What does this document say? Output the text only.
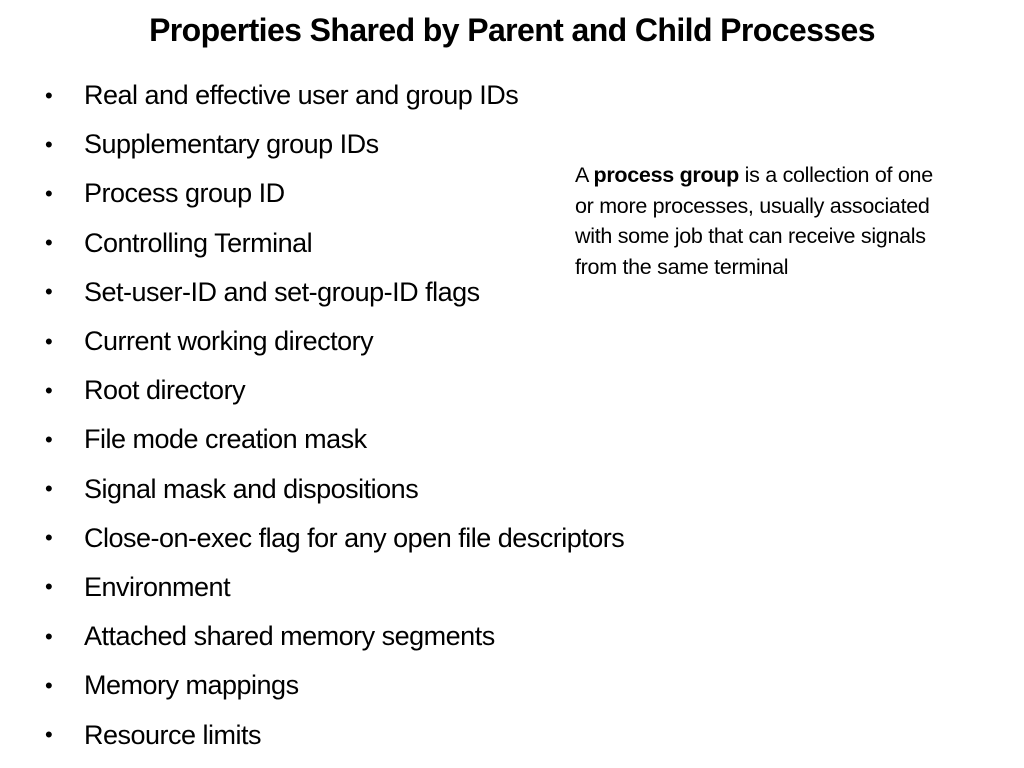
Properties Shared by Parent and Child Processes
•	Real and effective user and group IDs
•	Supplementary group IDs
•	Process group ID
•	Controlling Terminal
•	Set-user-ID and set-group-ID flags
•	Current working directory
•	Root directory
•	File mode creation mask
•	Signal mask and dispositions
•	Close-on-exec flag for any open file descriptors
•	Environment
•	Attached shared memory segments
•	Memory mappings
•	Resource limits
A process group is a collection of one
or more processes, usually associated
with some job that can receive signals
from the same terminal
